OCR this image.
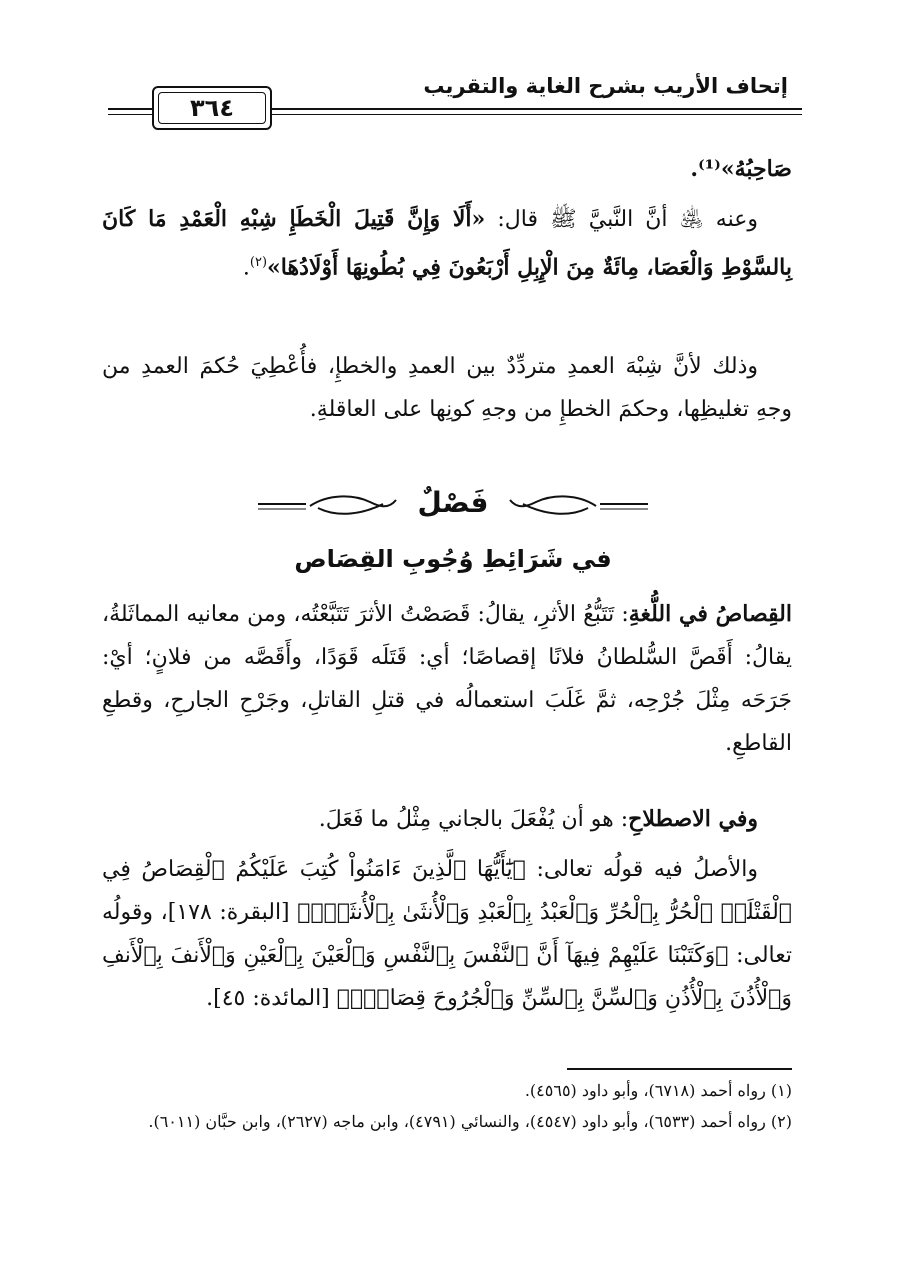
إتحاف الأريب بشرح الغاية والتقريب
٣٦٤
صَاحِبُهُ»⁽¹⁾.
وعنه ﵁ أنَّ النَّبيَّ ﷺ قال: «أَلَا وَإِنَّ قَتِيلَ الْخَطَإِ شِبْهِ الْعَمْدِ مَا كَانَ بِالسَّوْطِ وَالْعَصَا، مِائَةٌ مِنَ الْإِبِلِ أَرْبَعُونَ فِي بُطُونِهَا أَوْلَادُهَا»$^{(٢)}$.
وذلك لأنَّ شِبْهَ العمدِ متردِّدٌ بين العمدِ والخطإِ، فأُعْطِيَ حُكمَ العمدِ من وجهِ تغليظِها، وحكمَ الخطإِ من وجهِ كونِها على العاقلةِ.
فَصْلٌ
في شَرَائِطِ وُجُوبِ القِصَاص
القِصاصُ في اللُّغةِ: تَتَبُّعُ الأثرِ، يقالُ: قَصَصْتُ الأثرَ تَتَبَّعْتُه، ومن معانيه المماثَلةُ، يقالُ: أَقَصَّ السُّلطانُ فلانًا إقصاصًا؛ أي: قَتَلَه قَوَدًا، وأَقَصَّه من فلانٍ؛ أيْ: جَرَحَه مِثْلَ جُرْحِه، ثمَّ غَلَبَ استعمالُه في قتلِ القاتلِ، وجَرْحِ الجارحِ، وقطعِ القاطعِ.
وفي الاصطلاحِ: هو أن يُفْعَلَ بالجاني مِثْلُ ما فَعَلَ.
والأصلُ فيه قولُه تعالى: ﴿يَٰٓأَيُّهَا ٱلَّذِينَ ءَامَنُواْ كُتِبَ عَلَيْكُمُ ٱلْقِصَاصُ فِي ٱلْقَتْلَىۖ ٱلْحُرُّ بِٱلْحُرِّ وَٱلْعَبْدُ بِٱلْعَبْدِ وَٱلْأُنثَىٰ بِٱلْأُنثَىٰۚ﴾ [البقرة: ١٧٨]، وقولُه تعالى: ﴿وَكَتَبْنَا عَلَيْهِمْ فِيهَآ أَنَّ ٱلنَّفْسَ بِٱلنَّفْسِ وَٱلْعَيْنَ بِٱلْعَيْنِ وَٱلْأَنفَ بِٱلْأَنفِ وَٱلْأُذُنَ بِٱلْأُذُنِ وَٱلسِّنَّ بِٱلسِّنِّ وَٱلْجُرُوحَ قِصَاصٌۚ﴾ [المائدة: ٤٥].
(١) رواه أحمد (٦٧١٨)، وأبو داود (٤٥٦٥).
(٢) رواه أحمد (٦٥٣٣)، وأبو داود (٤٥٤٧)، والنسائي (٤٧٩١)، وابن ماجه (٢٦٢٧)، وابن حبَّان (٦٠١١).
